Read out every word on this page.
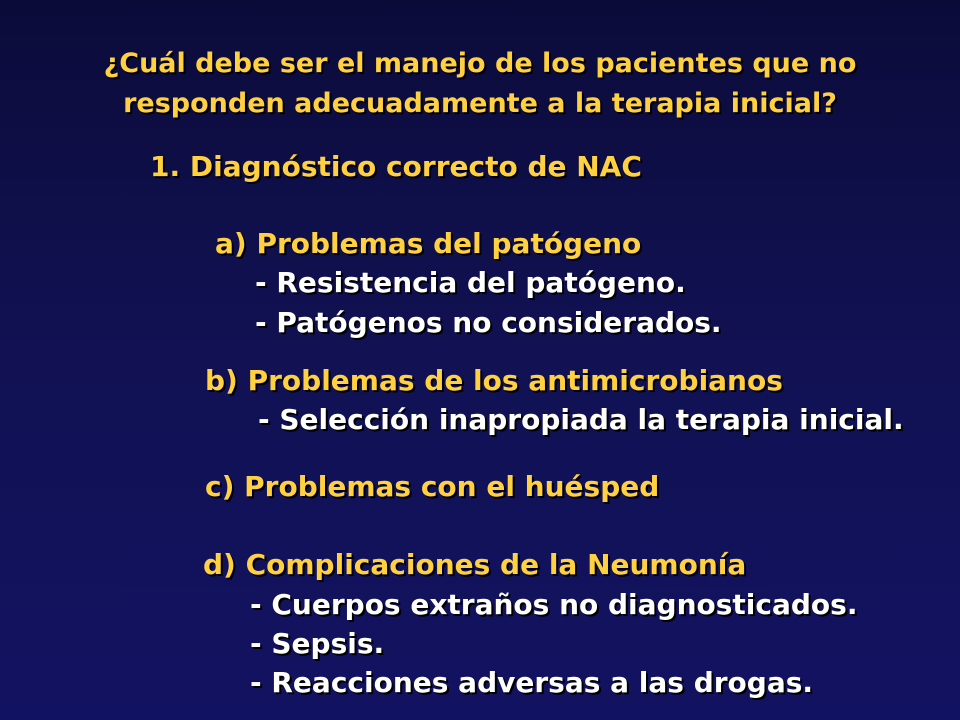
¿Cuál debe ser el manejo de los pacientes que no
responden adecuadamente a la terapia inicial?
1. Diagnóstico correcto de NAC
a) Problemas del patógeno
- Resistencia del patógeno.
- Patógenos no considerados.
b) Problemas de los antimicrobianos
- Selección inapropiada la terapia inicial.
c) Problemas con el huésped
d) Complicaciones de la Neumonía
- Cuerpos extraños no diagnosticados.
- Sepsis.
- Reacciones adversas a las drogas.
